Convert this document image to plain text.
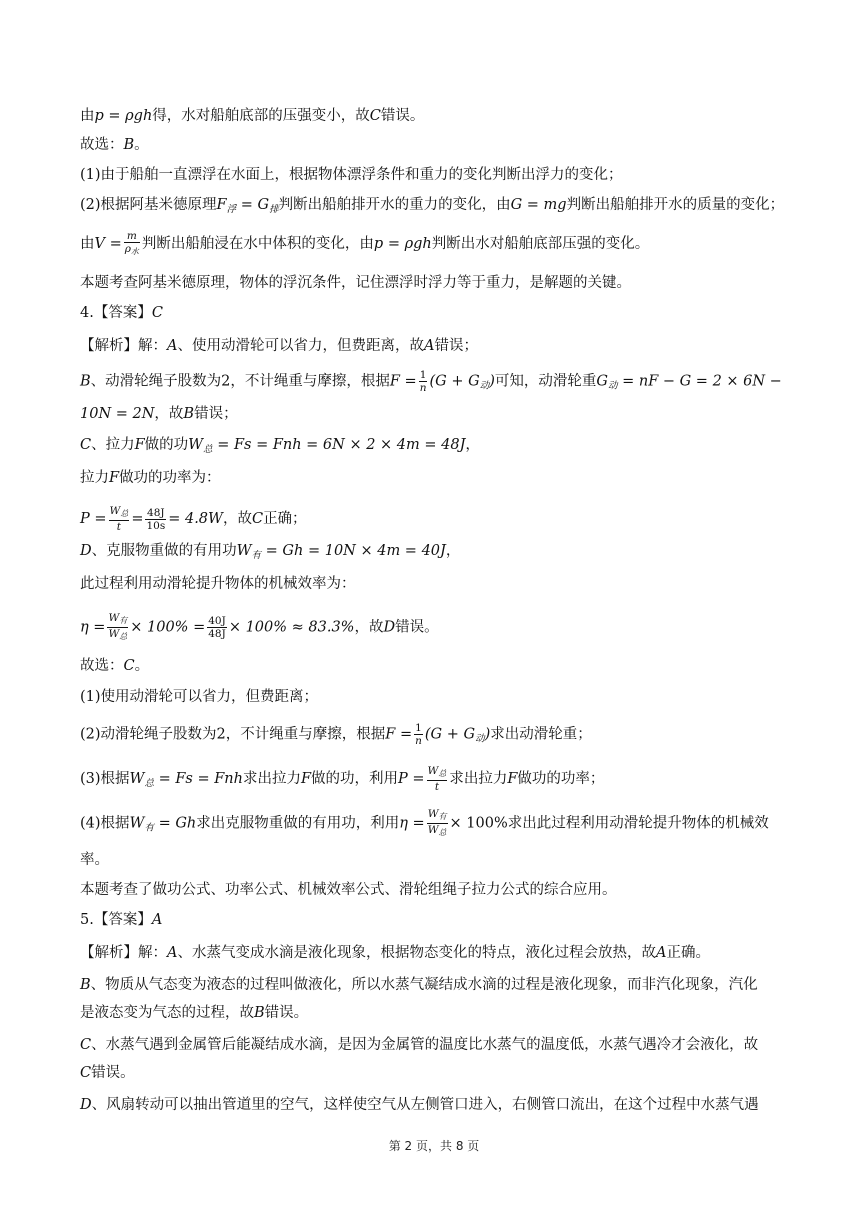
由p = ρgh得，水对船舶底部的压强变小，故C错误。
故选：B。
(1)由于船舶一直漂浮在水面上，根据物体漂浮条件和重力的变化判断出浮力的变化；
(2)根据阿基米德原理$F_浮 = G_排$判断出船舶排开水的重力的变化，由G = mg判断出船舶排开水的质量的变化；
由$V = \frac{m}{\rho_水}$ 判断出船舶浸在水中体积的变化，由p = ρgh判断出水对船舶底部压强的变化。
本题考查阿基米德原理，物体的浮沉条件，记住漂浮时浮力等于重力，是解题的关键。
4.【答案】C
【解析】解：A、使用动滑轮可以省力，但费距离，故A错误；
B、动滑轮绳子股数为2，不计绳重与摩擦，根据$F = \frac{1}{n} (G + G_动)$可知，动滑轮重$G_动$ = nF − G = 2 × 6N −
10N = 2N，故B错误；
C、拉力F做的功$W_总 = Fs$ = Fnh = 6N × 2 × 4m = 48J，
拉力F做功的功率为：
$P = \frac{W_总}{t} = \frac{48J}{10s} = 4.8W$，故C正确；
D、克服物重做的有用功$W_有 = Gh = 10N \times 4m = 40J$，
此过程利用动滑轮提升物体的机械效率为：
$\eta = \frac{W_有}{W_总} \times 100\% = \frac{40J}{48J} \times 100\% \approx 83.3\%$，故D错误。
故选：C。
(1)使用动滑轮可以省力，但费距离；
(2)动滑轮绳子股数为2，不计绳重与摩擦，根据$F = \frac{1}{n} (G + G_动)$求出动滑轮重；
(3)根据$W_总 = Fs$ = Fnh求出拉力F做的功，利用$P = \frac{W_总}{t}$ 求出拉力F做功的功率；
(4)根据$W_有 = Gh$求出克服物重做的有用功，利用$\eta = \frac{W_有}{W_总} \times 100\%$求出此过程利用动滑轮提升物体的机械效
率。
本题考查了做功公式、功率公式、机械效率公式、滑轮组绳子拉力公式的综合应用。
5.【答案】A
【解析】解：A、水蒸气变成水滴是液化现象，根据物态变化的特点，液化过程会放热，故A正确。
B、物质从气态变为液态的过程叫做液化，所以水蒸气凝结成水滴的过程是液化现象，而非汽化现象，汽化
是液态变为气态的过程，故B错误。
C、水蒸气遇到金属管后能凝结成水滴，是因为金属管的温度比水蒸气的温度低，水蒸气遇冷才会液化，故
C错误。
D、风扇转动可以抽出管道里的空气，这样使空气从左侧管口进入，右侧管口流出，在这个过程中水蒸气遇
第 2 页，共 8 页
